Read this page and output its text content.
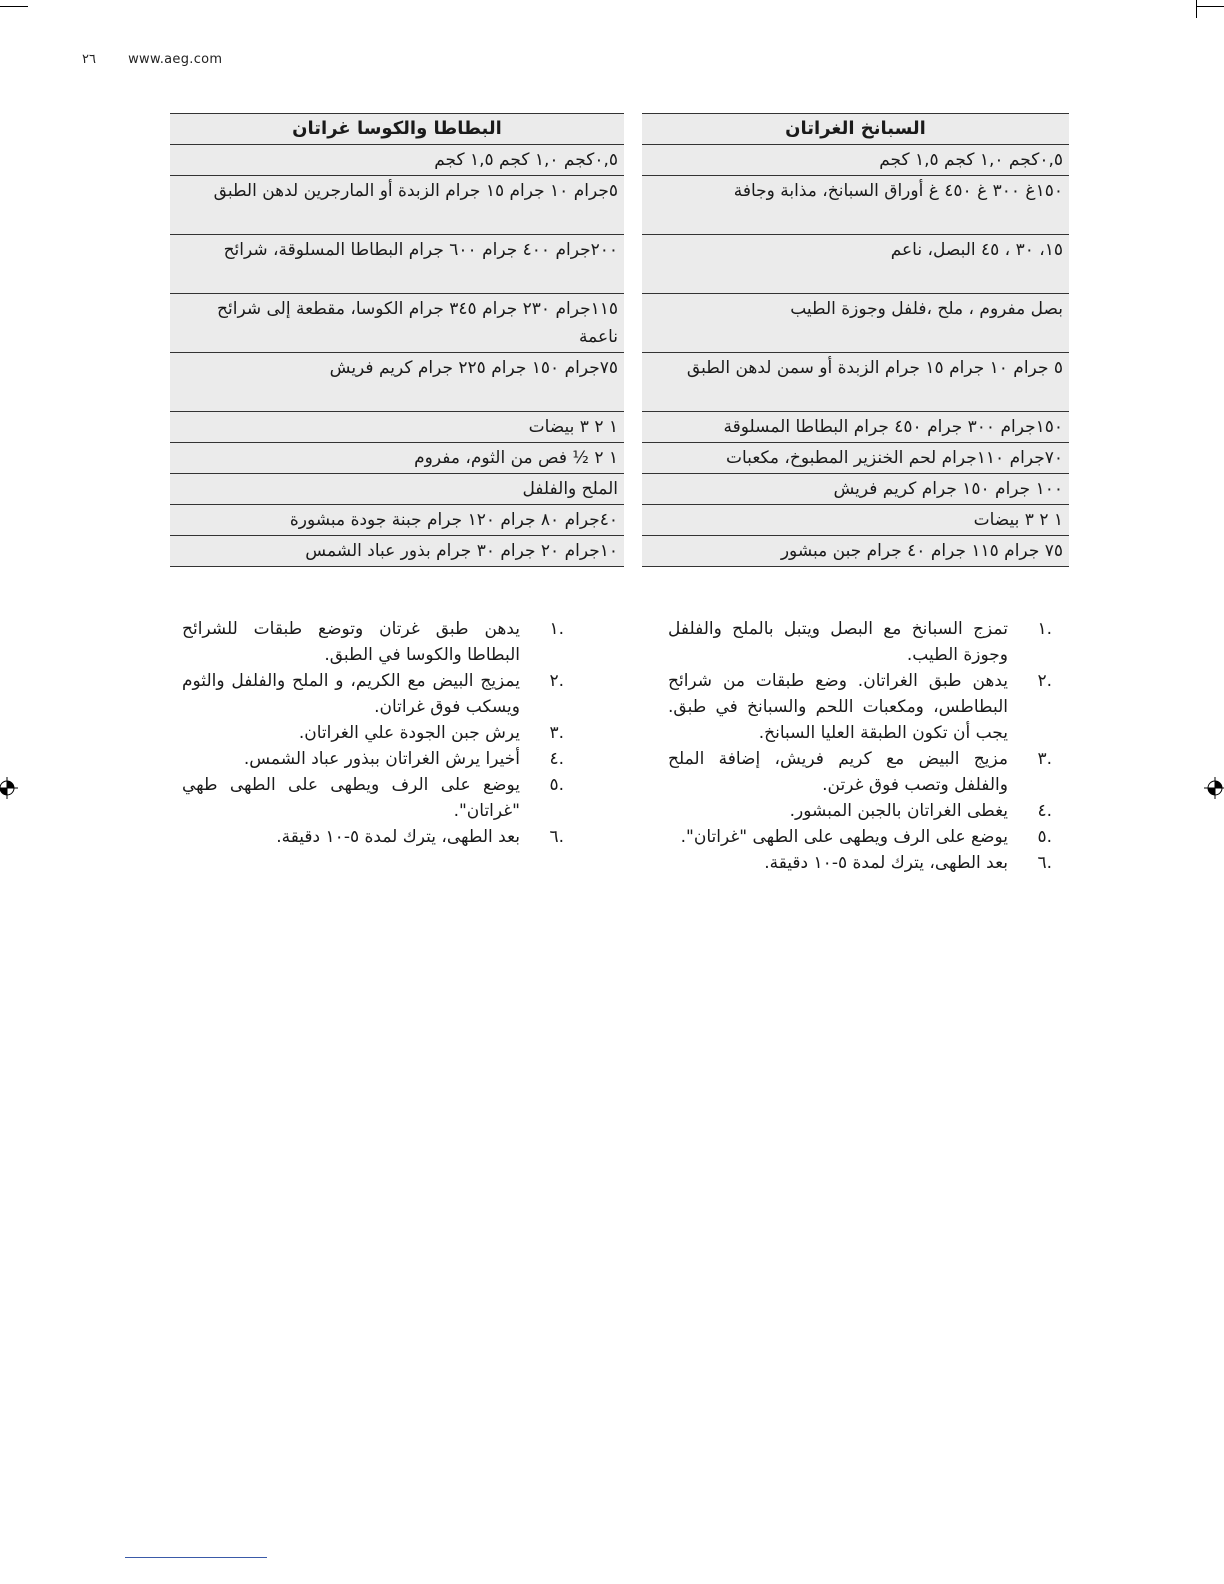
٢٦ www.aeg.com
السبانخ الغراتان
٠,٥كجم ١,٠ كجم ١,٥ كجم
١٥٠غ ٣٠٠ غ ٤٥٠ غ أوراق السبانخ، مذابة وجافة
١٥، ٣٠ ، ٤٥ البصل، ناعم
بصل مفروم ، ملح ،فلفل وجوزة الطيب
٥ جرام ١٠ جرام ١٥ جرام الزبدة أو سمن لدهن الطبق
١٥٠جرام ٣٠٠ جرام ٤٥٠ جرام البطاطا المسلوقة
٧٠جرام ١١٠جرام لحم الخنزير المطبوخ، مكعبات
١٠٠ جرام ١٥٠ جرام كريم فريش
١ ٢ ٣ بيضات
٧٥ جرام ١١٥ جرام ٤٠ جرام جبن مبشور
البطاطا والكوسا غراتان
٠,٥كجم ١,٠ كجم ١,٥ كجم
٥جرام ١٠ جرام ١٥ جرام الزبدة أو المارجرين لدهن الطبق
٢٠٠جرام ٤٠٠ جرام ٦٠٠ جرام البطاطا المسلوقة، شرائح
١١٥جرام ٢٣٠ جرام ٣٤٥ جرام الكوسا، مقطعة إلى شرائح ناعمة
٧٥جرام ١٥٠ جرام ٢٢٥ جرام كريم فريش
١ ٢ ٣ بيضات
١ ٢ ½ فص من الثوم، مفروم
الملح والفلفل
٤٠جرام ٨٠ جرام ١٢٠ جرام جبنة جودة مبشورة
١٠جرام ٢٠ جرام ٣٠ جرام بذور عباد الشمس
.١
تمزج السبانخ مع البصل ويتبل بالملح والفلفل وجوزة الطيب.
.٢
يدهن طبق الغراتان. وضع طبقات من شرائح البطاطس، ومكعبات اللحم والسبانخ في طبق. يجب أن تكون الطبقة العليا السبانخ.
.٣
مزيج البيض مع كريم فريش، إضافة الملح والفلفل وتصب فوق غرتن.
.٤
يغطى الغراتان بالجبن المبشور.
.٥
يوضع على الرف ويطهى على الطهى "غراتان".
.٦
بعد الطهى، يترك لمدة ٥-١٠ دقيقة.
.١
يدهن طبق غرتان وتوضع طبقات للشرائح البطاطا والكوسا في الطبق.
.٢
يمزيج البيض مع الكريم، و الملح والفلفل والثوم ويسكب فوق غراتان.
.٣
يرش جبن الجودة علي الغراتان.
.٤
أخيرا يرش الغراتان ببذور عباد الشمس.
.٥
يوضع على الرف ويطهى على الطهى طهي "غراتان".
.٦
بعد الطهى، يترك لمدة ٥-١٠ دقيقة.
